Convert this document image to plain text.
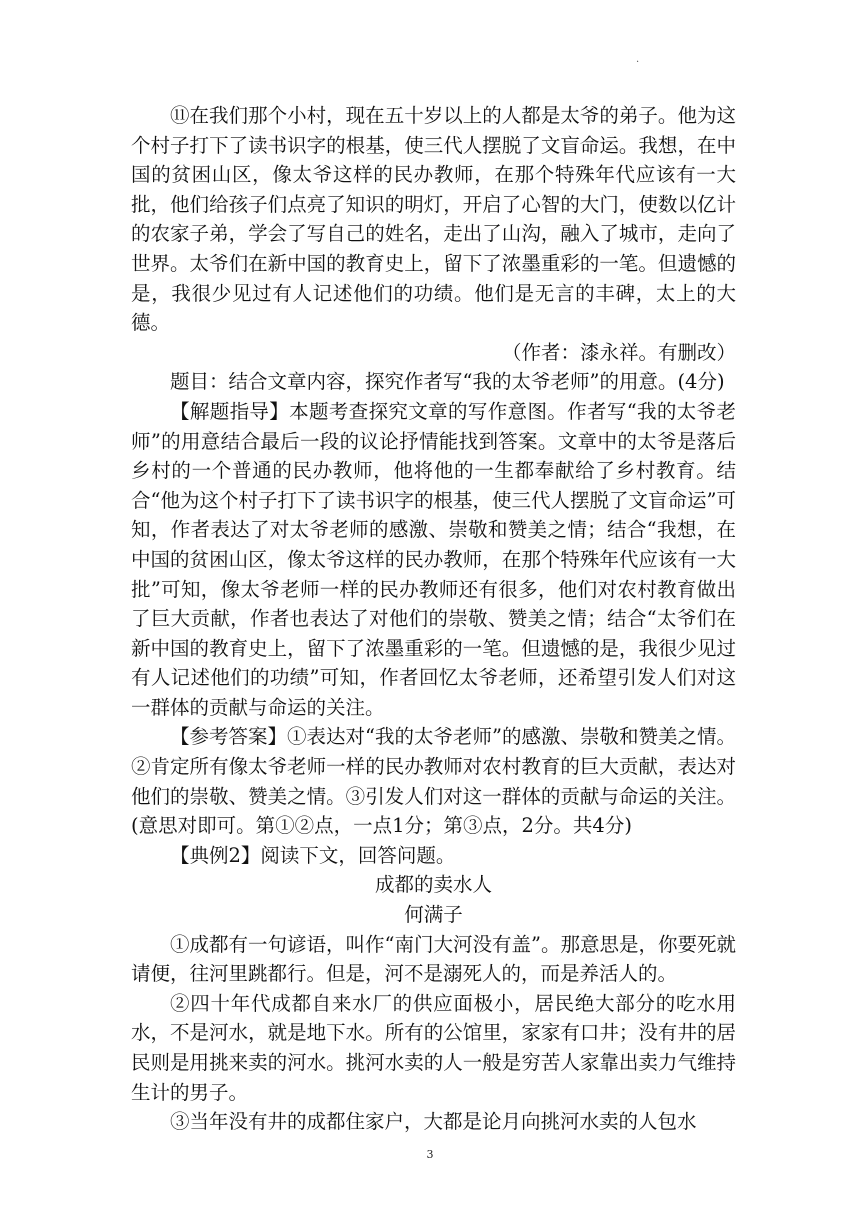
.

⑪在我们那个小村，现在五十岁以上的人都是太爷的弟子。他为这个村子打下了读书识字的根基，使三代人摆脱了文盲命运。我想，在中国的贫困山区，像太爷这样的民办教师，在那个特殊年代应该有一大批，他们给孩子们点亮了知识的明灯，开启了心智的大门，使数以亿计的农家子弟，学会了写自己的姓名，走出了山沟，融入了城市，走向了世界。太爷们在新中国的教育史上，留下了浓墨重彩的一笔。但遗憾的是，我很少见过有人记述他们的功绩。他们是无言的丰碑，太上的大德。

（作者：漆永祥。有删改）

题目：结合文章内容，探究作者写“我的太爷老师”的用意。(4分)

【解题指导】本题考查探究文章的写作意图。作者写“我的太爷老师”的用意结合最后一段的议论抒情能找到答案。文章中的太爷是落后乡村的一个普通的民办教师，他将他的一生都奉献给了乡村教育。结合“他为这个村子打下了读书识字的根基，使三代人摆脱了文盲命运”可知，作者表达了对太爷老师的感激、崇敬和赞美之情；结合“我想，在中国的贫困山区，像太爷这样的民办教师，在那个特殊年代应该有一大批”可知，像太爷老师一样的民办教师还有很多，他们对农村教育做出了巨大贡献，作者也表达了对他们的崇敬、赞美之情；结合“太爷们在新中国的教育史上，留下了浓墨重彩的一笔。但遗憾的是，我很少见过有人记述他们的功绩”可知，作者回忆太爷老师，还希望引发人们对这一群体的贡献与命运的关注。

【参考答案】①表达对“我的太爷老师”的感激、崇敬和赞美之情。②肯定所有像太爷老师一样的民办教师对农村教育的巨大贡献，表达对他们的崇敬、赞美之情。③引发人们对这一群体的贡献与命运的关注。(意思对即可。第①②点，一点1分；第③点，2分。共4分)

【典例2】阅读下文，回答问题。

成都的卖水人

何满子

①成都有一句谚语，叫作“南门大河没有盖”。那意思是，你要死就请便，往河里跳都行。但是，河不是溺死人的，而是养活人的。

②四十年代成都自来水厂的供应面极小，居民绝大部分的吃水用水，不是河水，就是地下水。所有的公馆里，家家有口井；没有井的居民则是用挑来卖的河水。挑河水卖的人一般是穷苦人家靠出卖力气维持生计的男子。

③当年没有井的成都住家户，大都是论月向挑河水卖的人包水

3
